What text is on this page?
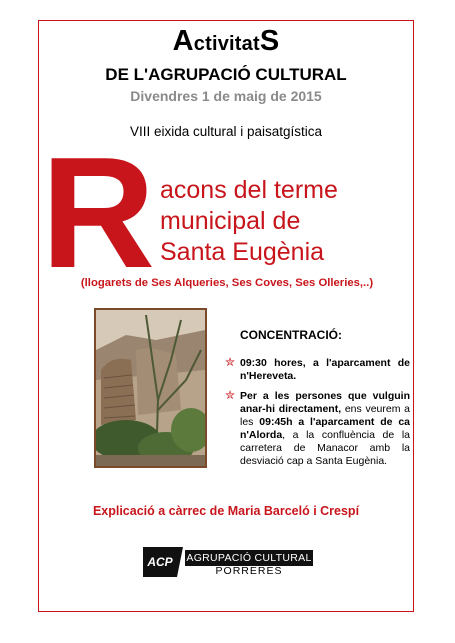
ActivitatS
DE L'AGRUPACIÓ CULTURAL
Divendres 1 de maig de 2015
VIII eixida cultural i paisatgística
R acons del terme
municipal de
Santa Eugènia
(llogarets de Ses Alqueries, Ses Coves, Ses Olleries,..)
CONCENTRACIÓ:
✮ 09:30 hores, a l'aparcament de n'Hereveta.
✮ Per a les persones que vulguin anar-hi directament, ens veurem a les 09:45h a l'aparcament de ca n'Alorda, a la confluència de la carretera de Manacor amb la desviació cap a Santa Eugènia.
Explicació a càrrec de Maria Barceló i Crespí
ACP	AGRUPACIÓ CULTURAL
PORRERES
